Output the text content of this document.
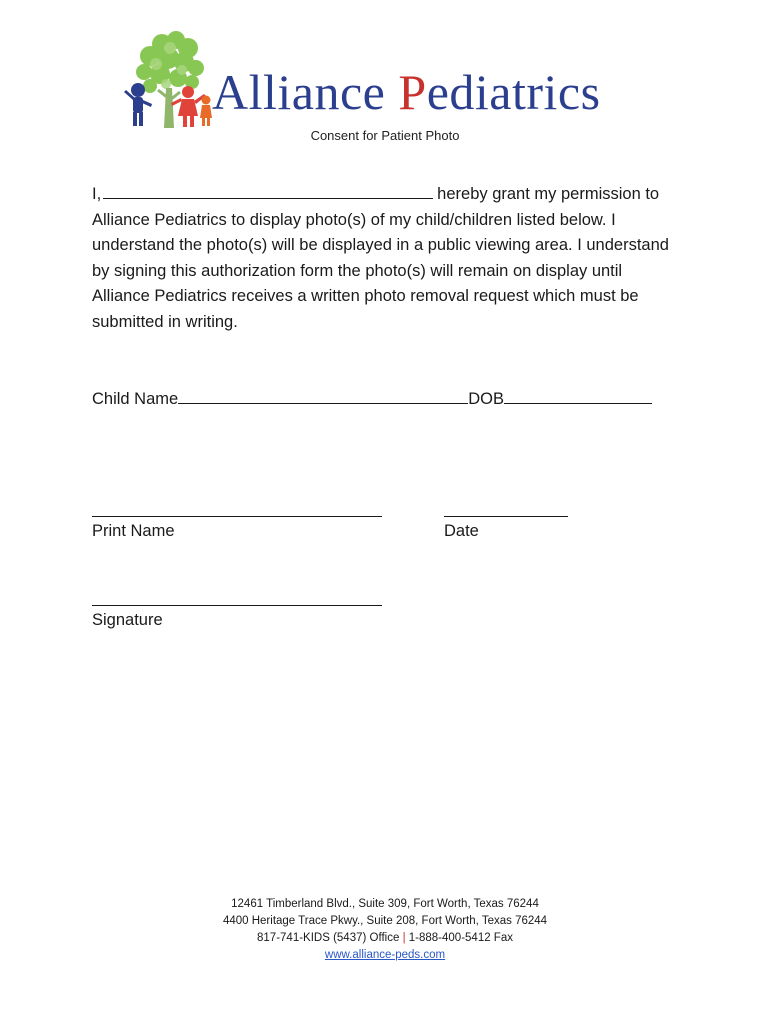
Alliance Pediatrics
Consent for Patient Photo
I,	hereby grant my permission to Alliance Pediatrics to display photo(s) of my child/children listed below. I understand the photo(s) will be displayed in a public viewing area. I understand by signing this authorization form the photo(s) will remain on display until Alliance Pediatrics receives a written photo removal request which must be submitted in writing.
Child Name	DOB
Print Name	Date
Signature
12461 Timberland Blvd., Suite 309, Fort Worth, Texas 76244
4400 Heritage Trace Pkwy., Suite 208, Fort Worth, Texas 76244
817-741-KIDS (5437) Office | 1-888-400-5412 Fax
www.alliance-peds.com
